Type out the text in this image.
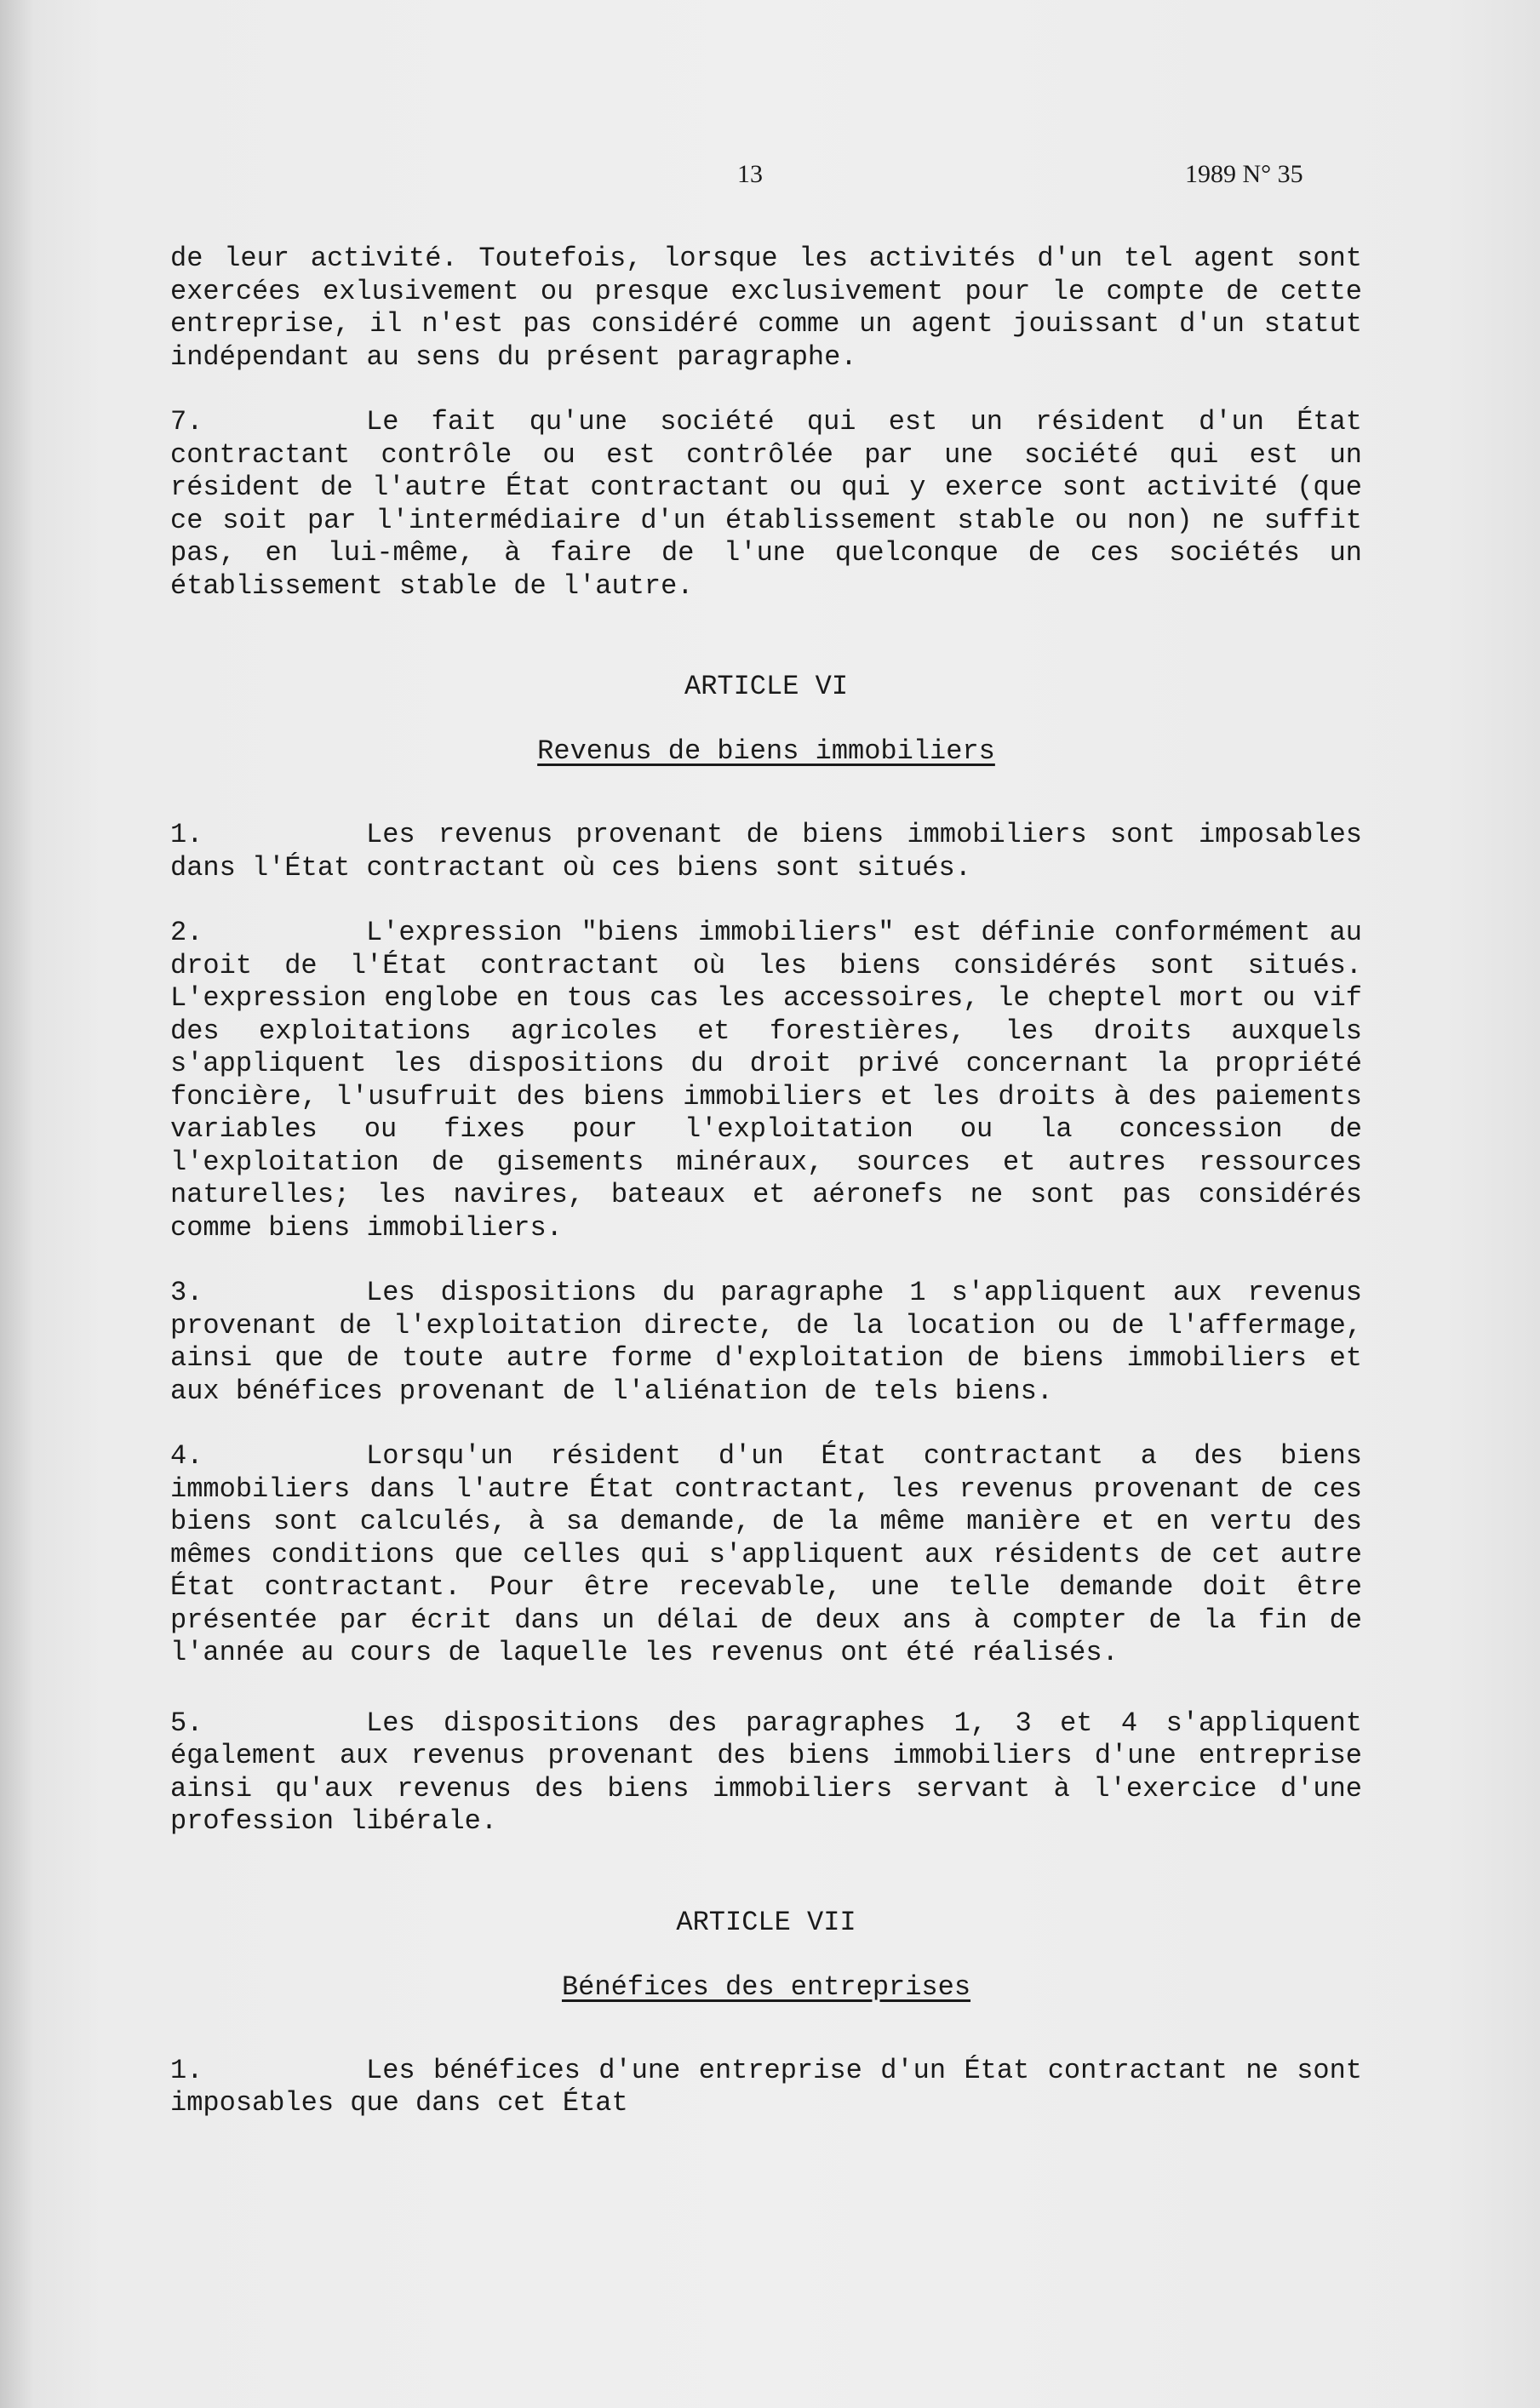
13	1989 N° 35

de leur activité. Toutefois, lorsque les activités d'un tel agent sont exercées exlusivement ou presque exclusivement pour le compte de cette entreprise, il n'est pas considéré comme un agent jouissant d'un statut indépendant au sens du présent paragraphe.

7.	Le fait qu'une société qui est un résident d'un État contractant contrôle ou est contrôlée par une société qui est un résident de l'autre État contractant ou qui y exerce sont activité (que ce soit par l'intermédiaire d'un établissement stable ou non) ne suffit pas, en lui-même, à faire de l'une quelconque de ces sociétés un établissement stable de l'autre.

ARTICLE VI

Revenus de biens immobiliers

1.	Les revenus provenant de biens immobiliers sont imposables dans l'État contractant où ces biens sont situés.

2.	L'expression "biens immobiliers" est définie conformément au droit de l'État contractant où les biens considérés sont situés. L'expression englobe en tous cas les accessoires, le cheptel mort ou vif des exploitations agricoles et forestières, les droits auxquels s'appliquent les dispositions du droit privé concernant la propriété foncière, l'usufruit des biens immobiliers et les droits à des paiements variables ou fixes pour l'exploitation ou la concession de l'exploitation de gisements minéraux, sources et autres ressources naturelles; les navires, bateaux et aéronefs ne sont pas considérés comme biens immobiliers.

3.	Les dispositions du paragraphe 1 s'appliquent aux revenus provenant de l'exploitation directe, de la location ou de l'affermage, ainsi que de toute autre forme d'exploitation de biens immobiliers et aux bénéfices provenant de l'aliénation de tels biens.

4.	Lorsqu'un résident d'un État contractant a des biens immobiliers dans l'autre État contractant, les revenus provenant de ces biens sont calculés, à sa demande, de la même manière et en vertu des mêmes conditions que celles qui s'appliquent aux résidents de cet autre État contractant. Pour être recevable, une telle demande doit être présentée par écrit dans un délai de deux ans à compter de la fin de l'année au cours de laquelle les revenus ont été réalisés.

5.	Les dispositions des paragraphes 1, 3 et 4 s'appliquent également aux revenus provenant des biens immobiliers d'une entreprise ainsi qu'aux revenus des biens immobiliers servant à l'exercice d'une profession libérale.

ARTICLE VII

Bénéfices des entreprises

1.	Les bénéfices d'une entreprise d'un État contractant ne sont imposables que dans cet État
